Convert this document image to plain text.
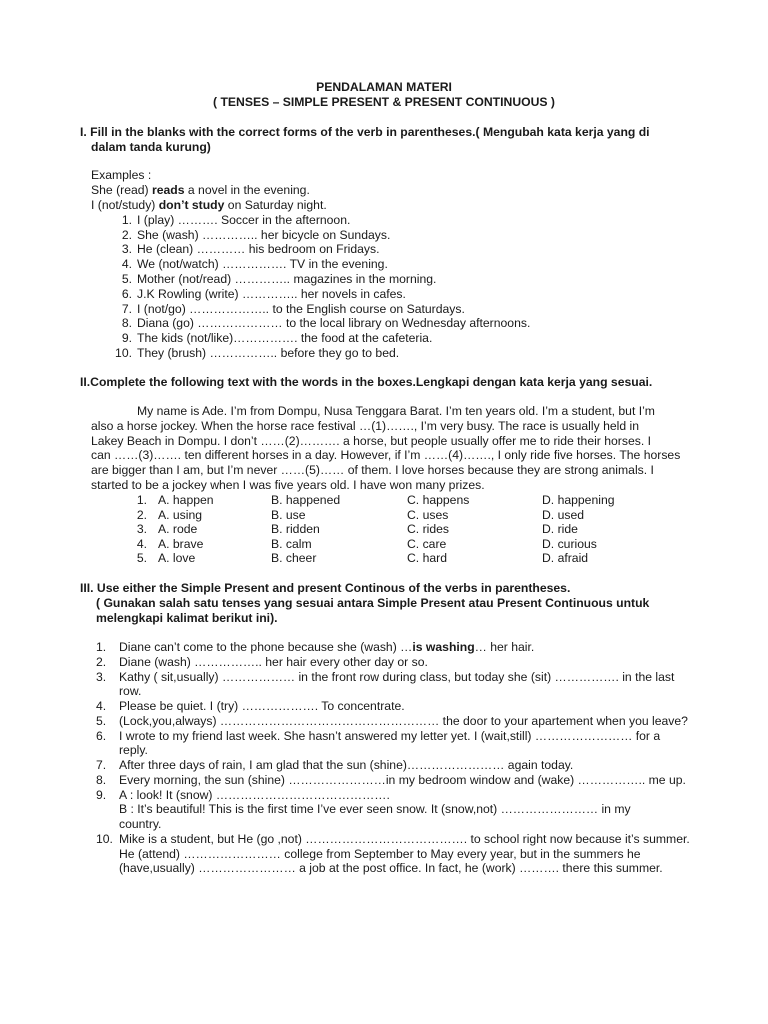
PENDALAMAN MATERI
( TENSES – SIMPLE PRESENT & PRESENT CONTINUOUS )
I. Fill in the blanks with the correct forms of the verb in parentheses.( Mengubah kata kerja yang di
dalam tanda kurung)
Examples :
She (read) reads a novel in the evening.
I (not/study) don’t study on Saturday night.
1. I (play) ………. Soccer in the afternoon.
2. She (wash) ………….. her bicycle on Sundays.
3. He (clean) ………… his bedroom on Fridays.
4. We (not/watch) ……………. TV in the evening.
5. Mother (not/read) ………….. magazines in the morning.
6. J.K Rowling (write) ………….. her novels in cafes.
7. I (not/go) ……………….. to the English course on Saturdays.
8. Diana (go) ………………… to the local library on Wednesday afternoons.
9. The kids (not/like)……………. the food at the cafeteria.
10. They (brush) …………….. before they go to bed.
II.Complete the following text with the words in the boxes.Lengkapi dengan kata kerja yang sesuai.
My name is Ade. I’m from Dompu, Nusa Tenggara Barat. I’m ten years old. I’m a student, but I’m
also a horse jockey. When the horse race festival …(1)……., I’m very busy. The race is usually held in
Lakey Beach in Dompu. I don’t ……(2)………. a horse, but people usually offer me to ride their horses. I
can ……(3)……. ten different horses in a day. However, if I’m ……(4)……., I only ride five horses. The horses
are bigger than I am, but I’m never ……(5)…… of them. I love horses because they are strong animals. I
started to be a jockey when I was five years old. I have won many prizes.
1. A. happen	B. happened	C. happens	D. happening
2. A. using	B. use	C. uses	D. used
3. A. rode	B. ridden	C. rides	D. ride
4. A. brave	B. calm	C. care	D. curious
5. A. love	B. cheer	C. hard	D. afraid
III. Use either the Simple Present and present Continous of the verbs in parentheses.
( Gunakan salah satu tenses yang sesuai antara Simple Present atau Present Continuous untuk
melengkapi kalimat berikut ini).
1. Diane can’t come to the phone because she (wash) …is washing… her hair.
2. Diane (wash) …………….. her hair every other day or so.
3. Kathy ( sit,usually) ……………… in the front row during class, but today she (sit) ……………. in the last
row.
4. Please be quiet. I (try) ………………. To concentrate.
5. (Lock,you,always) ……………………………………………… the door to your apartement when you leave?
6. I wrote to my friend last week. She hasn’t answered my letter yet. I (wait,still) …………………… for a
reply.
7. After three days of rain, I am glad that the sun (shine)…………………… again today.
8. Every morning, the sun (shine) ……………………in my bedroom window and (wake) …………….. me up.
9. A : look! It (snow) …………………………………….
B : It’s beautiful! This is the first time I’ve ever seen snow. It (snow,not) …………………… in my
country.
10. Mike is a student, but He (go ,not) …………………………………. to school right now because it’s summer.
He (attend) …………………… college from September to May every year, but in the summers he
(have,usually) …………………… a job at the post office. In fact, he (work) ………. there this summer.
